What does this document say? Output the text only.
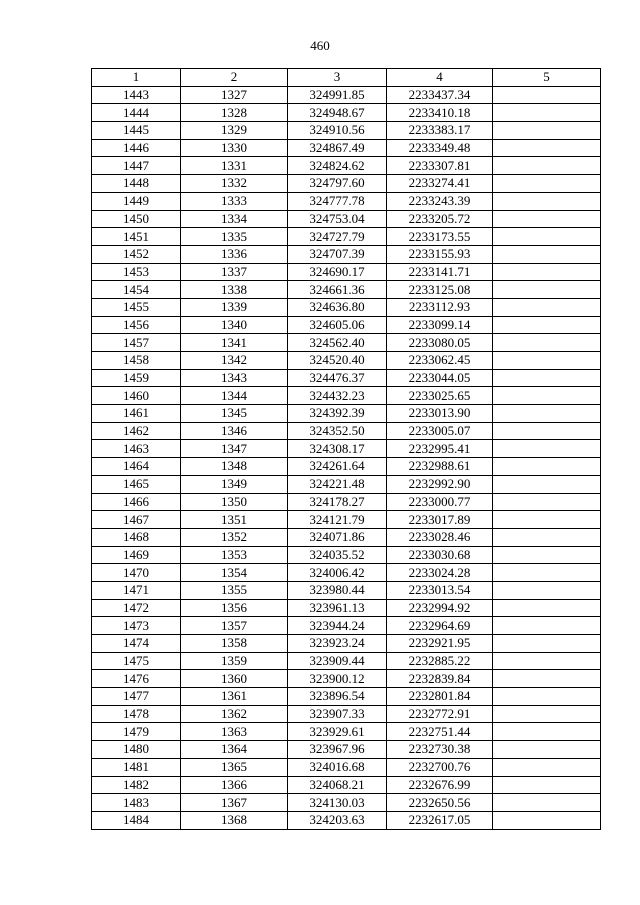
460
1	2	3	4	5
1443	1327	324991.85	2233437.34	
1444	1328	324948.67	2233410.18	
1445	1329	324910.56	2233383.17	
1446	1330	324867.49	2233349.48	
1447	1331	324824.62	2233307.81	
1448	1332	324797.60	2233274.41	
1449	1333	324777.78	2233243.39	
1450	1334	324753.04	2233205.72	
1451	1335	324727.79	2233173.55	
1452	1336	324707.39	2233155.93	
1453	1337	324690.17	2233141.71	
1454	1338	324661.36	2233125.08	
1455	1339	324636.80	2233112.93	
1456	1340	324605.06	2233099.14	
1457	1341	324562.40	2233080.05	
1458	1342	324520.40	2233062.45	
1459	1343	324476.37	2233044.05	
1460	1344	324432.23	2233025.65	
1461	1345	324392.39	2233013.90	
1462	1346	324352.50	2233005.07	
1463	1347	324308.17	2232995.41	
1464	1348	324261.64	2232988.61	
1465	1349	324221.48	2232992.90	
1466	1350	324178.27	2233000.77	
1467	1351	324121.79	2233017.89	
1468	1352	324071.86	2233028.46	
1469	1353	324035.52	2233030.68	
1470	1354	324006.42	2233024.28	
1471	1355	323980.44	2233013.54	
1472	1356	323961.13	2232994.92	
1473	1357	323944.24	2232964.69	
1474	1358	323923.24	2232921.95	
1475	1359	323909.44	2232885.22	
1476	1360	323900.12	2232839.84	
1477	1361	323896.54	2232801.84	
1478	1362	323907.33	2232772.91	
1479	1363	323929.61	2232751.44	
1480	1364	323967.96	2232730.38	
1481	1365	324016.68	2232700.76	
1482	1366	324068.21	2232676.99	
1483	1367	324130.03	2232650.56	
1484	1368	324203.63	2232617.05	
